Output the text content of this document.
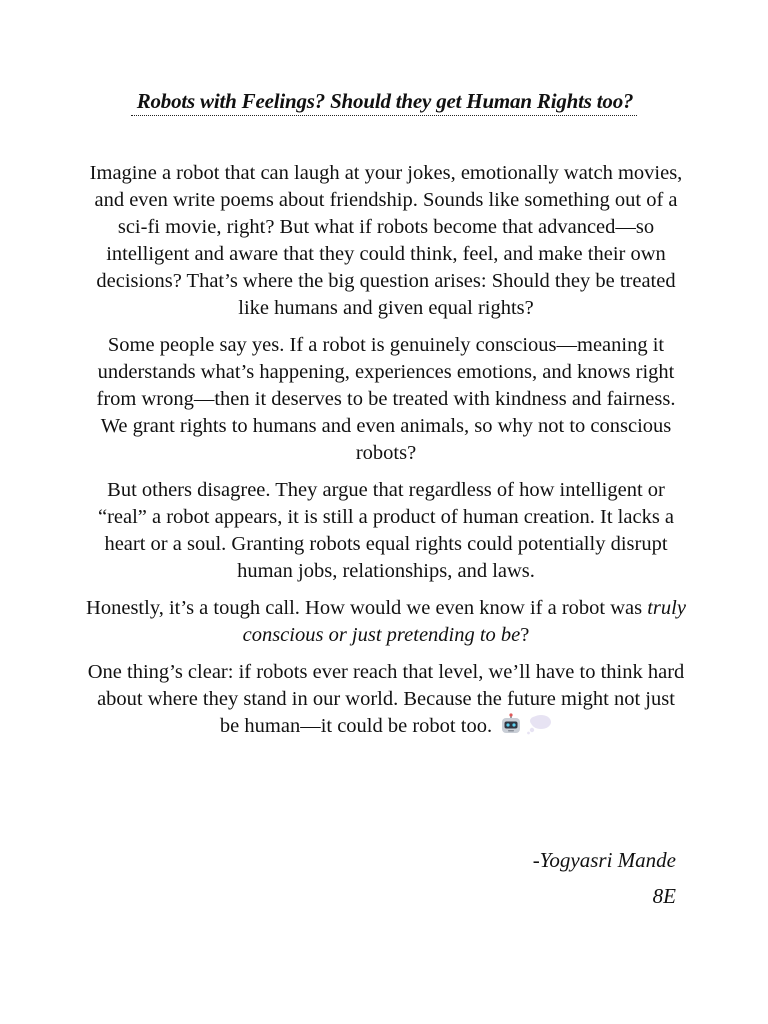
Robots with Feelings? Should they get Human Rights too?

Imagine a robot that can laugh at your jokes, emotionally watch movies, and even write poems about friendship. Sounds like something out of a sci-fi movie, right? But what if robots become that advanced—so intelligent and aware that they could think, feel, and make their own decisions? That’s where the big question arises: Should they be treated like humans and given equal rights?

Some people say yes. If a robot is genuinely conscious—meaning it understands what’s happening, experiences emotions, and knows right from wrong—then it deserves to be treated with kindness and fairness. We grant rights to humans and even animals, so why not to conscious robots?

But others disagree. They argue that regardless of how intelligent or “real” a robot appears, it is still a product of human creation. It lacks a heart or a soul. Granting robots equal rights could potentially disrupt human jobs, relationships, and laws.

Honestly, it’s a tough call. How would we even know if a robot was truly conscious or just pretending to be?

One thing’s clear: if robots ever reach that level, we’ll have to think hard about where they stand in our world. Because the future might not just be human—it could be robot too.

-Yogyasri Mande
8E
